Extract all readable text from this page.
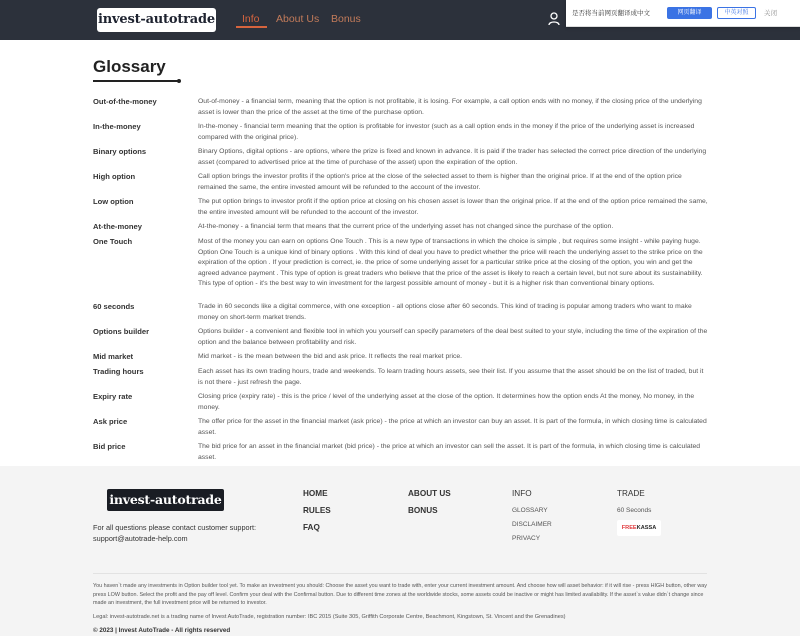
invest-autotrade	Info About Us Bonus	是否将当前网页翻译成中文	网页翻译	中英对照	关闭
Glossary
Out-of-the-money	Out-of-money - a financial term, meaning that the option is not profitable, it is losing. For example, a call option ends with no money, if the closing price of the underlying asset is lower than the price of the asset at the time of the purchase option.
In-the-money	In-the-money - financial term meaning that the option is profitable for investor (such as a call option ends in the money if the price of the underlying asset is increased compared with the original price).
Binary options	Binary Options, digital options - are options, where the prize is fixed and known in advance. It is paid if the trader has selected the correct price direction of the underlying asset (compared to advertised price at the time of purchase of the asset) upon the expiration of the option.
High option	Call option brings the investor profits if the option's price at the close of the selected asset to them is higher than the original price. If at the end of the option price remained the same, the entire invested amount will be refunded to the account of the investor.
Low option	The put option brings to investor profit if the option price at closing on his chosen asset is lower than the original price. If at the end of the option price remained the same, the entire invested amount will be refunded to the account of the investor.
At-the-money	At-the-money - a financial term that means that the current price of the underlying asset has not changed since the purchase of the option.
One Touch	Most of the money you can earn on options One Touch . This is a new type of transactions in which the choice is simple , but requires some insight - while paying huge. Option One Touch is a unique kind of binary options . With this kind of deal you have to predict whether the price will reach the underlying asset to the strike price on the expiration of the option . If your prediction is correct, ie. the price of some underlying asset for a particular strike price at the closing of the option, you win and get the agreed advance payment . This type of option is great traders who believe that the price of the asset is likely to reach a certain level, but not sure about its sustainability. This type of option - it's the best way to win investment for the largest possible amount of money - but it is a higher risk than conventional binary options.
60 seconds	Trade in 60 seconds like a digital commerce, with one exception - all options close after 60 seconds. This kind of trading is popular among traders who want to make money on short-term market trends.
Options builder	Options builder - a convenient and flexible tool in which you yourself can specify parameters of the deal best suited to your style, including the time of the expiration of the option and the balance between profitability and risk.
Mid market	Mid market - is the mean between the bid and ask price. It reflects the real market price.
Trading hours	Each asset has its own trading hours, trade and weekends. To learn trading hours assets, see their list. If you assume that the asset should be on the list of traded, but it is not there - just refresh the page.
Expiry rate	Closing price (expiry rate) - this is the price / level of the underlying asset at the close of the option. It determines how the option ends At the money, No money, in the money.
Ask price	The offer price for the asset in the financial market (ask price) - the price at which an investor can buy an asset. It is part of the formula, in which closing time is calculated asset.
Bid price	The bid price for an asset in the financial market (bid price) - the price at which an investor can sell the asset. It is part of the formula, in which closing time is calculated asset.
invest-autotrade
For all questions please contact customer support: support@autotrade-help.com
HOME
RULES
FAQ
ABOUT US
BONUS
INFO
GLOSSARY
DISCLAIMER
PRIVACY
TRADE
60 Seconds
FREEKASSA
You haven`t made any investments in Option builder tool yet. To make an investment you should: Choose the asset you want to trade with, enter your current investment amount. And choose how will asset behavior: if it will rise - press HIGH button, other way press LOW button. Select the profit and the pay off level. Confirm your deal with the Confirmal button. Due to different time zones at the worldwide stocks, some assets could be inactive or might has limited availability. If the asset`s value didn`t change since made an investment, the full investment price will be returned to investor.
Legal: invest-autotrade.net is a trading name of Invest AutoTrade, registration number: IBC 2015 (Suite 305, Griffith Corporate Centre, Beachmont, Kingstown, St. Vincent and the Grenadines)
© 2023 | Invest AutoTrade - All rights reserved
